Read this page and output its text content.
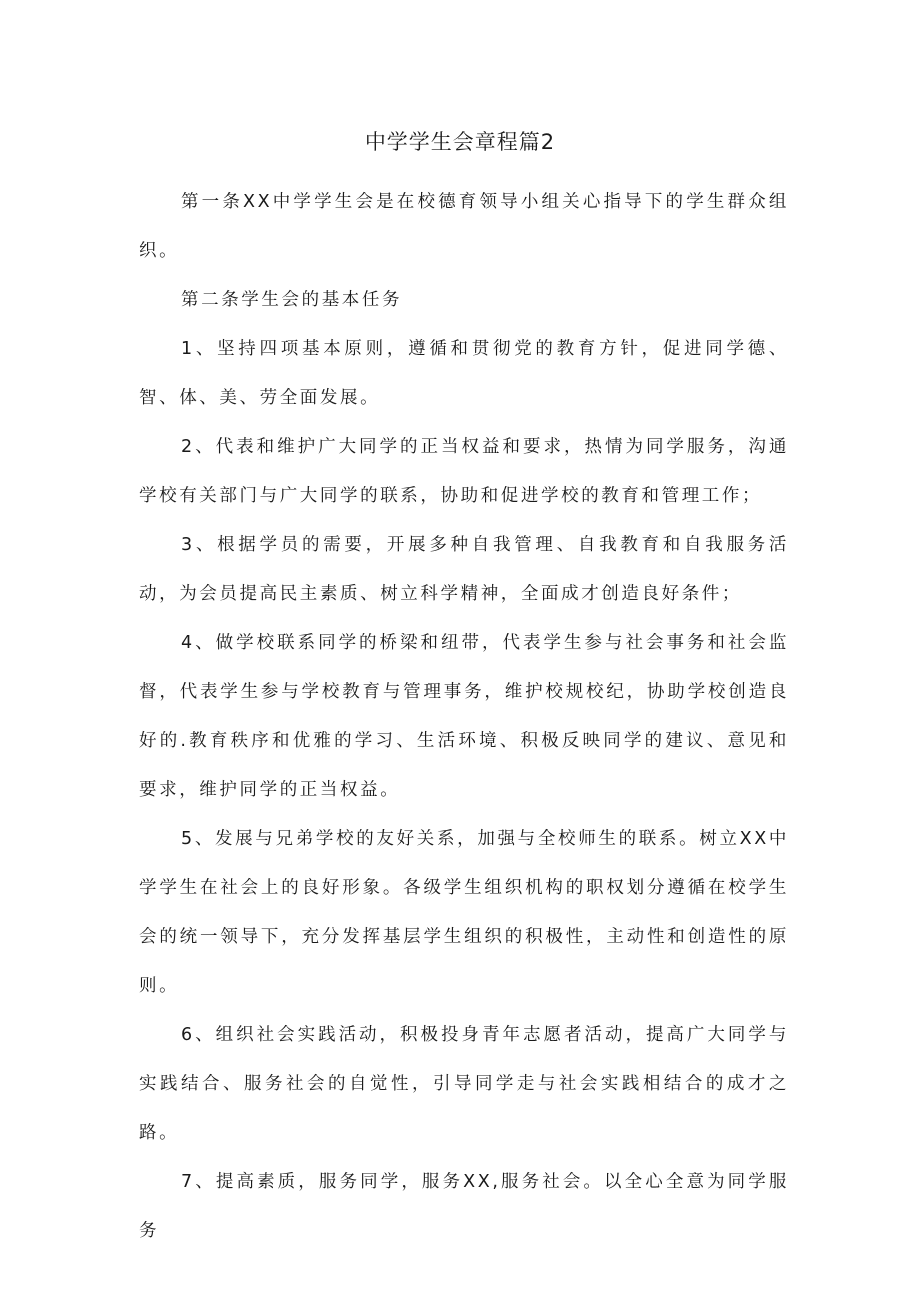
中学学生会章程篇2

第一条XX中学学生会是在校德育领导小组关心指导下的学生群众组织。

第二条学生会的基本任务

1、坚持四项基本原则，遵循和贯彻党的教育方针，促进同学德、智、体、美、劳全面发展。

2、代表和维护广大同学的正当权益和要求，热情为同学服务，沟通学校有关部门与广大同学的联系，协助和促进学校的教育和管理工作；

3、根据学员的需要，开展多种自我管理、自我教育和自我服务活动，为会员提高民主素质、树立科学精神，全面成才创造良好条件；

4、做学校联系同学的桥梁和纽带，代表学生参与社会事务和社会监督，代表学生参与学校教育与管理事务，维护校规校纪，协助学校创造良好的.教育秩序和优雅的学习、生活环境、积极反映同学的建议、意见和要求，维护同学的正当权益。

5、发展与兄弟学校的友好关系，加强与全校师生的联系。树立XX中学学生在社会上的良好形象。各级学生组织机构的职权划分遵循在校学生会的统一领导下，充分发挥基层学生组织的积极性，主动性和创造性的原则。

6、组织社会实践活动，积极投身青年志愿者活动，提高广大同学与实践结合、服务社会的自觉性，引导同学走与社会实践相结合的成才之路。

7、提高素质，服务同学，服务XX,服务社会。以全心全意为同学服务
